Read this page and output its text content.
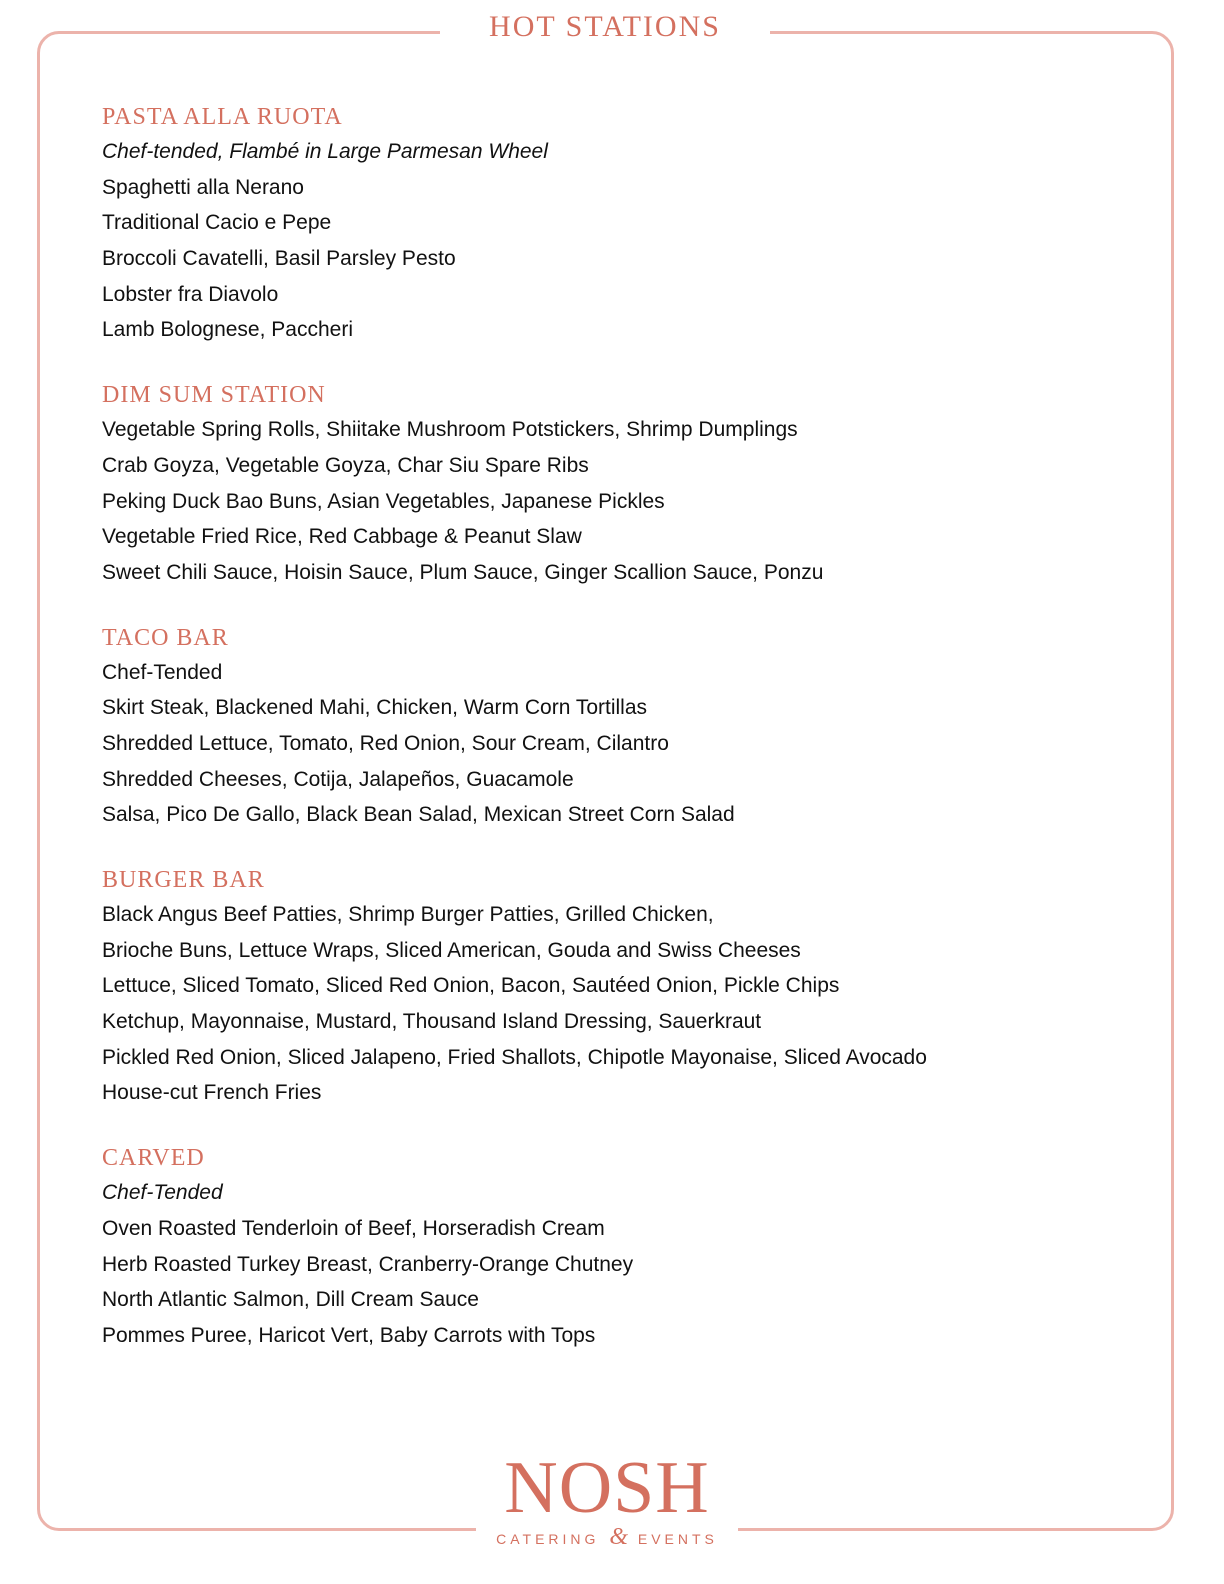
HOT STATIONS
PASTA ALLA RUOTA
Chef-tended, Flambé in Large Parmesan Wheel
Spaghetti alla Nerano
Traditional Cacio e Pepe
Broccoli Cavatelli, Basil Parsley Pesto
Lobster fra Diavolo
Lamb Bolognese, Paccheri
DIM SUM STATION
Vegetable Spring Rolls, Shiitake Mushroom Potstickers, Shrimp Dumplings
Crab Goyza, Vegetable Goyza, Char Siu Spare Ribs
Peking Duck Bao Buns, Asian Vegetables, Japanese Pickles
Vegetable Fried Rice, Red Cabbage & Peanut Slaw
Sweet Chili Sauce, Hoisin Sauce, Plum Sauce, Ginger Scallion Sauce, Ponzu
TACO BAR
Chef-Tended
Skirt Steak, Blackened Mahi, Chicken, Warm Corn Tortillas
Shredded Lettuce, Tomato, Red Onion, Sour Cream, Cilantro
Shredded Cheeses, Cotija, Jalapeños, Guacamole
Salsa, Pico De Gallo, Black Bean Salad, Mexican Street Corn Salad
BURGER BAR
Black Angus Beef Patties, Shrimp Burger Patties, Grilled Chicken,
Brioche Buns, Lettuce Wraps, Sliced American, Gouda and Swiss Cheeses
Lettuce, Sliced Tomato, Sliced Red Onion, Bacon, Sautéed Onion, Pickle Chips
Ketchup, Mayonnaise, Mustard, Thousand Island Dressing, Sauerkraut
Pickled Red Onion, Sliced Jalapeno, Fried Shallots, Chipotle Mayonaise, Sliced Avocado
House-cut French Fries
CARVED
Chef-Tended
Oven Roasted Tenderloin of Beef, Horseradish Cream
Herb Roasted Turkey Breast, Cranberry-Orange Chutney
North Atlantic Salmon, Dill Cream Sauce
Pommes Puree, Haricot Vert, Baby Carrots with Tops
NOSH
CATERING & EVENTS
